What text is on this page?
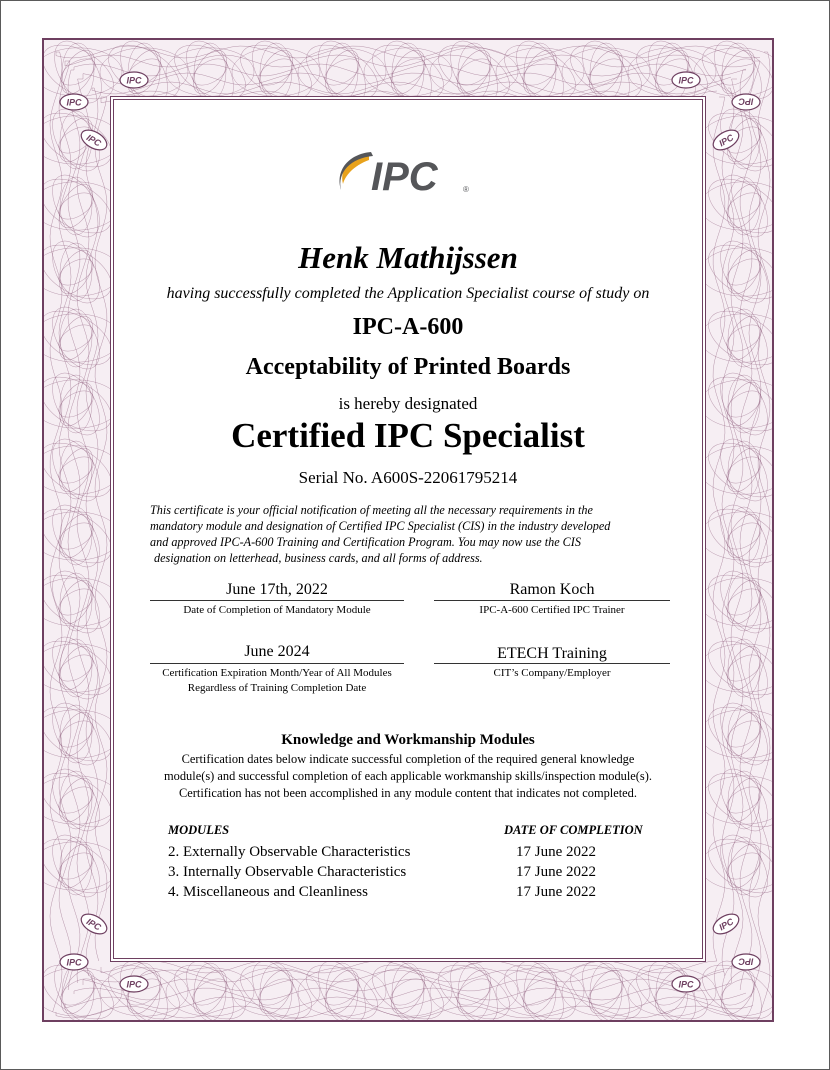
IPC
IPC
IPC
IPC
IPC
IPC
IPC
IPC
IPC
IPC
IPC
IPC
IPC	®
Henk Mathijssen
having successfully completed the Application Specialist course of study on
IPC-A-600
Acceptability of Printed Boards
is hereby designated
Certified IPC Specialist
Serial No. A600S-22061795214
This certificate is your official notification of meeting all the necessary requirements in the
mandatory module and designation of Certified IPC Specialist (CIS) in the industry developed
and approved IPC-A-600 Training and Certification Program. You may now use the CIS
designation on letterhead, business cards, and all forms of address.
June 17th, 2022
Date of Completion of Mandatory Module
Ramon Koch
IPC-A-600 Certified IPC Trainer
June 2024
Certification Expiration Month/Year of All Modules
Regardless of Training Completion Date
ETECH Training
CIT’s Company/Employer
Knowledge and Workmanship Modules
Certification dates below indicate successful completion of the required general knowledge
module(s) and successful completion of each applicable workmanship skills/inspection module(s).
Certification has not been accomplished in any module content that indicates not completed.
MODULES	DATE OF COMPLETION
2. Externally Observable Characteristics	17 June 2022
3. Internally Observable Characteristics	17 June 2022
4. Miscellaneous and Cleanliness	17 June 2022
